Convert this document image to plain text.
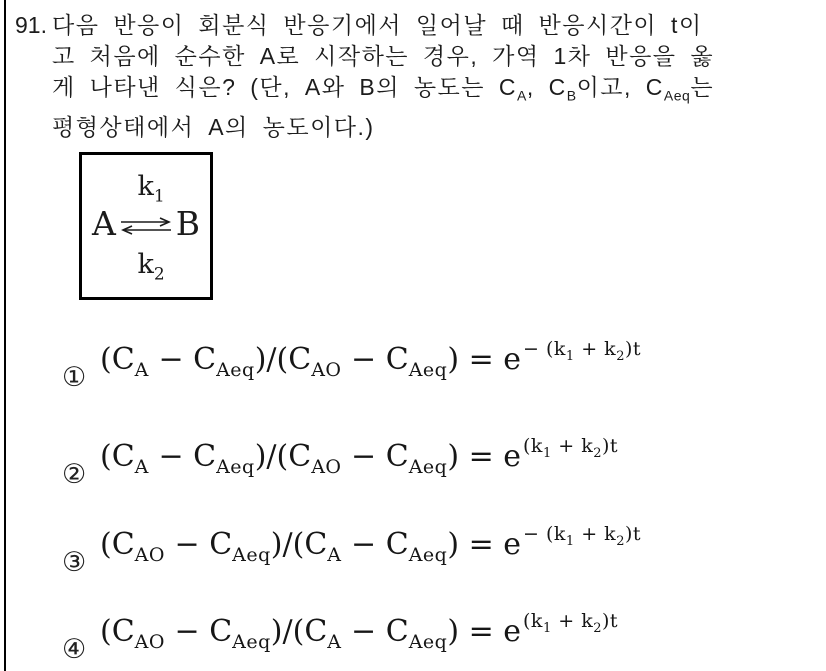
91. 다음 반응이 회분식 반응기에서 일어날 때 반응시간이 t이
고 처음에 순수한 A로 시작하는 경우, 가역 1차 반응을 옳
게 나타낸 식은? (단, A와 B의 농도는 $C_A$, $C_B$이고, $C_{Aeq}$는
평형상태에서 A의 농도이다.)
$k_1$
A ⇌ B
$k_2$
①
$(C_A - C_{Aeq})/(C_{AO} - C_{Aeq}) = e$ $^{- (k_1 + k_2)t}$
②
$(C_A - C_{Aeq})/(C_{AO} - C_{Aeq}) = e$ $^{(k_1 + k_2)t}$
③
$(C_{AO} - C_{Aeq})/(C_A - C_{Aeq}) = e$ $^{- (k_1 + k_2)t}$
④
$(C_{AO} - C_{Aeq})/(C_A - C_{Aeq}) = e$ $^{(k_1 + k_2)t}$
